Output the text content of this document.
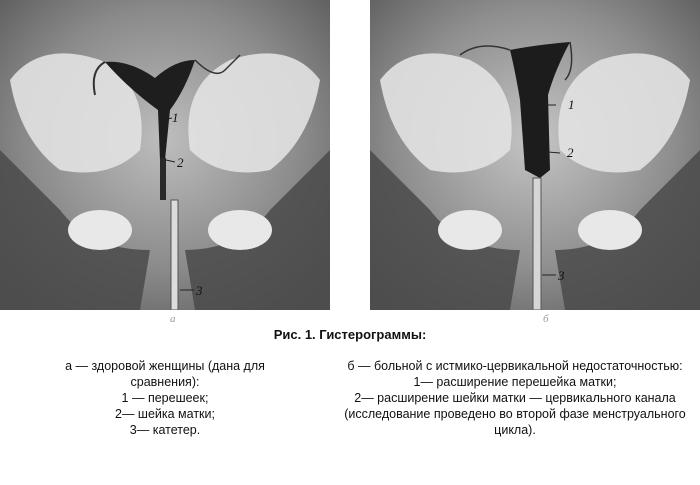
1
2
3
а
1
2
3
б
Рис. 1. Гистерограммы:
а — здоровой женщины (дана для сравнения):
1 — перешеек;
2— шейка матки;
3— катетер.
б — больной с истмико-цервикальной недостаточностью:
1— расширение перешейка матки;
2— расширение шейки матки — цервикального канала (исследование проведено во второй фазе менструального цикла).
